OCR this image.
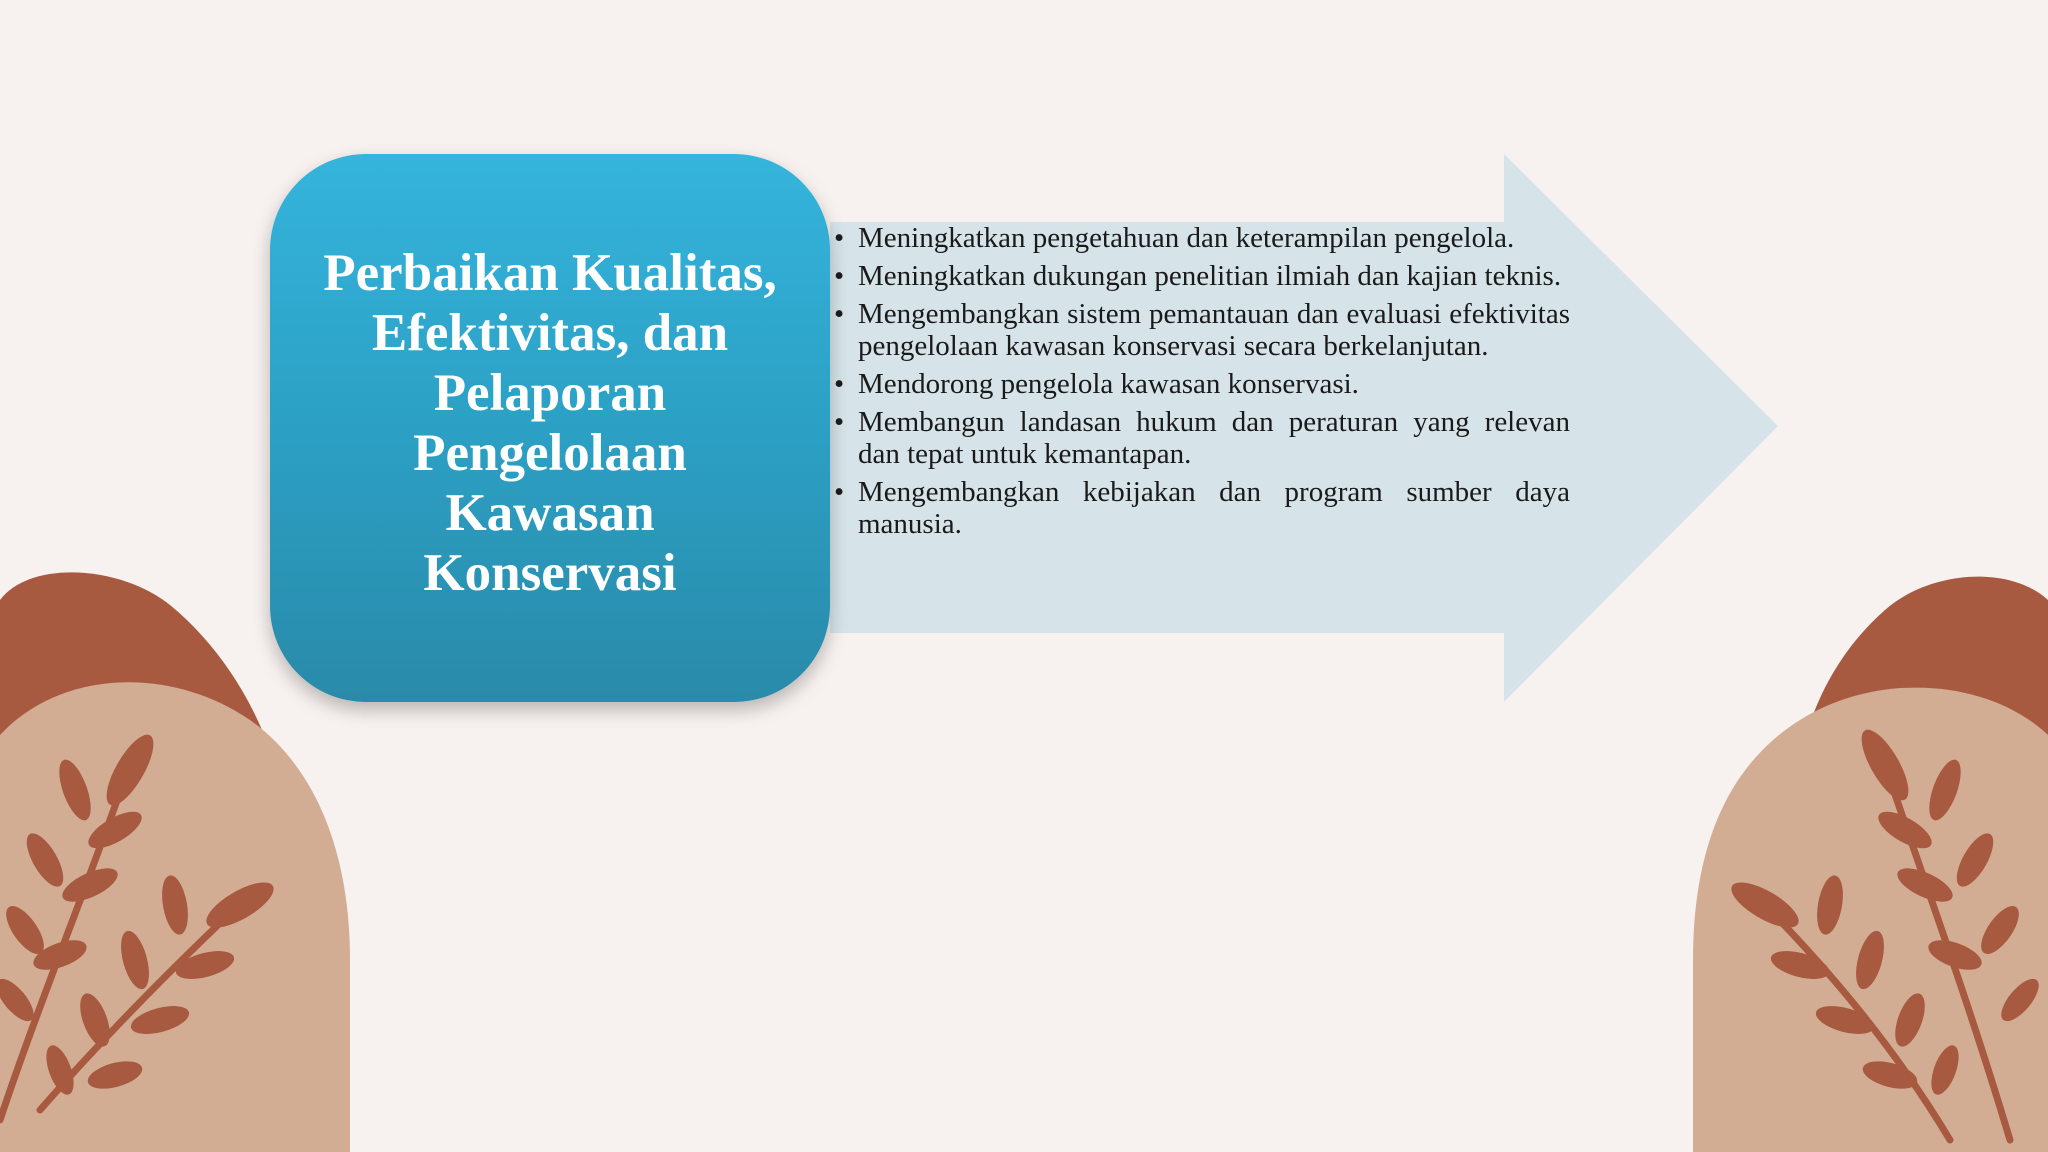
Perbaikan Kualitas, Efektivitas, dan Pelaporan Pengelolaan Kawasan Konservasi
• Meningkatkan pengetahuan dan keterampilan pengelola.
• Meningkatkan dukungan penelitian ilmiah dan kajian teknis.
• Mengembangkan sistem pemantauan dan evaluasi efektivitas pengelolaan kawasan konservasi secara berkelanjutan.
• Mendorong pengelola kawasan konservasi.
• Membangun landasan hukum dan peraturan yang relevan dan tepat untuk kemantapan.
• Mengembangkan kebijakan dan program sumber daya manusia.
